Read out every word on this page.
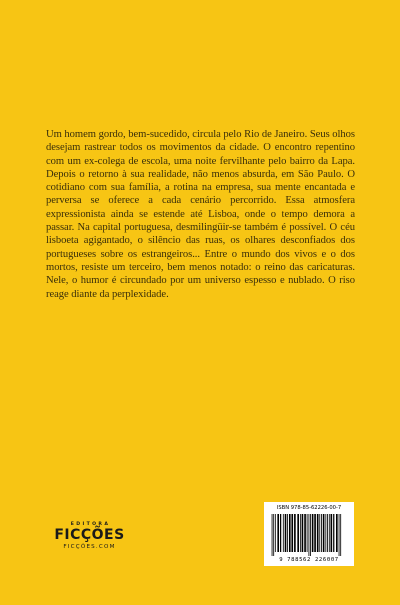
Um homem gordo, bem-sucedido, circula pelo Rio de Janeiro. Seus olhos desejam rastrear todos os movimentos da cidade. O encontro repentino com um ex-colega de escola, uma noite fervilhante pelo bairro da Lapa. Depois o retorno à sua realidade, não menos absurda, em São Paulo. O cotidiano com sua família, a rotina na empresa, sua mente encantada e perversa se oferece a cada cenário percorrido. Essa atmosfera expressionista ainda se estende até Lisboa, onde o tempo demora a passar. Na capital portuguesa, desmilingüir-se também é possível. O céu lisboeta agigantado, o silêncio das ruas, os olhares desconfiados dos portugueses sobre os estrangeiros... Entre o mundo dos vivos e o dos mortos, resiste um terceiro, bem menos notado: o reino das caricaturas. Nele, o humor é circundado por um universo espesso e nublado. O riso reage diante da perplexidade.

EDITORA
FICÇÕES
FICÇÕES.COM
ISBN 978-85-62226-00-7
9 788562 226007
